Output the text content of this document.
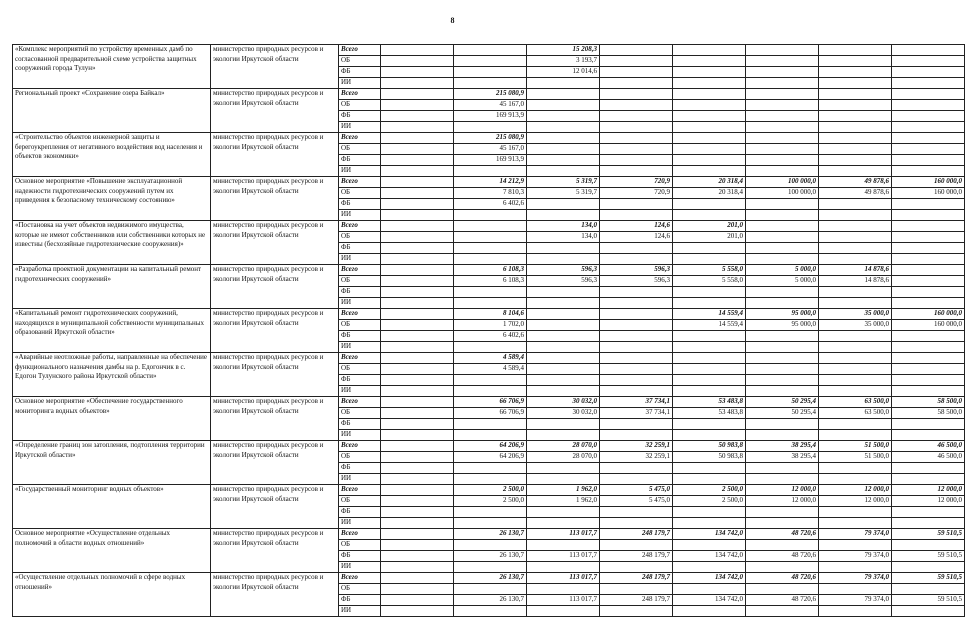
8
«Комплекс мероприятий по устройству временных дамб по согласованной предварительной схеме устройства защитных сооружений города Тулун»	министерство природных ресурсов и экологии Иркутской области	Всего			15 208,3					
		ОБ			3 193,7					
		ФБ			12 014,6					
		ИИ								
Региональный проект «Сохранение озера Байкал»	министерство природных ресурсов и экологии Иркутской области	Всего		215 080,9						
		ОБ		45 167,0						
		ФБ		169 913,9						
		ИИ								
«Строительство объектов инженерной защиты и берегоукрепления от негативного воздействия вод населения и объектов экономики»	министерство природных ресурсов и экологии Иркутской области	Всего		215 080,9						
		ОБ		45 167,0						
		ФБ		169 913,9						
		ИИ								
Основное мероприятие «Повышение эксплуатационной надежности гидротехнических сооружений путем их приведения к безопасному техническому состоянию»	министерство природных ресурсов и экологии Иркутской области	Всего		14 212,9	5 319,7	720,9	20 318,4	100 000,0	49 878,6	160 000,0
		ОБ		7 810,3	5 319,7	720,9	20 318,4	100 000,0	49 878,6	160 000,0
		ФБ		6 402,6						
		ИИ								
«Постановка на учет объектов недвижимого имущества, которые не имеют собственников или собственники которых не известны (бесхозяйные гидротехнические сооружения)»	министерство природных ресурсов и экологии Иркутской области	Всего			134,0	124,6	201,0			
		ОБ			134,0	124,6	201,0			
		ФБ								
		ИИ								
«Разработка проектной документации на капитальный ремонт гидротехнических сооружений»	министерство природных ресурсов и экологии Иркутской области	Всего		6 108,3	596,3	596,3	5 558,0	5 000,0	14 878,6	
		ОБ		6 108,3	596,3	596,3	5 558,0	5 000,0	14 878,6	
		ФБ								
		ИИ								
«Капитальный ремонт гидротехнических сооружений, находящихся в муниципальной собственности муниципальных образований Иркутской области»	министерство природных ресурсов и экологии Иркутской области	Всего		8 104,6			14 559,4	95 000,0	35 000,0	160 000,0
		ОБ		1 702,0			14 559,4	95 000,0	35 000,0	160 000,0
		ФБ		6 402,6						
		ИИ								
«Аварийные неотложные работы, направленные на обеспечение функционального назначения дамбы на р. Едогончик в с. Едогон Тулунского района Иркутской области»	министерство природных ресурсов и экологии Иркутской области	Всего		4 589,4						
		ОБ		4 589,4						
		ФБ								
		ИИ								
Основное мероприятие «Обеспечение государственного мониторинга водных объектов»	министерство природных ресурсов и экологии Иркутской области	Всего		66 706,9	30 032,0	37 734,1	53 483,8	50 295,4	63 500,0	58 500,0
		ОБ		66 706,9	30 032,0	37 734,1	53 483,8	50 295,4	63 500,0	58 500,0
		ФБ								
		ИИ								
«Определение границ зон затопления, подтопления территории Иркутской области»	министерство природных ресурсов и экологии Иркутской области	Всего		64 206,9	28 070,0	32 259,1	50 983,8	38 295,4	51 500,0	46 500,0
		ОБ		64 206,9	28 070,0	32 259,1	50 983,8	38 295,4	51 500,0	46 500,0
		ФБ								
		ИИ								
«Государственный мониторинг водных объектов»	министерство природных ресурсов и экологии Иркутской области	Всего		2 500,0	1 962,0	5 475,0	2 500,0	12 000,0	12 000,0	12 000,0
		ОБ		2 500,0	1 962,0	5 475,0	2 500,0	12 000,0	12 000,0	12 000,0
		ФБ								
		ИИ								
Основное мероприятие «Осуществление отдельных полномочий в области водных отношений»	министерство природных ресурсов и экологии Иркутской области	Всего		26 130,7	113 017,7	248 179,7	134 742,0	48 720,6	79 374,0	59 510,5
		ОБ								
		ФБ		26 130,7	113 017,7	248 179,7	134 742,0	48 720,6	79 374,0	59 510,5
		ИИ								
«Осуществление отдельных полномочий в сфере водных отношений»	министерство природных ресурсов и экологии Иркутской области	Всего		26 130,7	113 017,7	248 179,7	134 742,0	48 720,6	79 374,0	59 510,5
		ОБ								
		ФБ		26 130,7	113 017,7	248 179,7	134 742,0	48 720,6	79 374,0	59 510,5
		ИИ								
